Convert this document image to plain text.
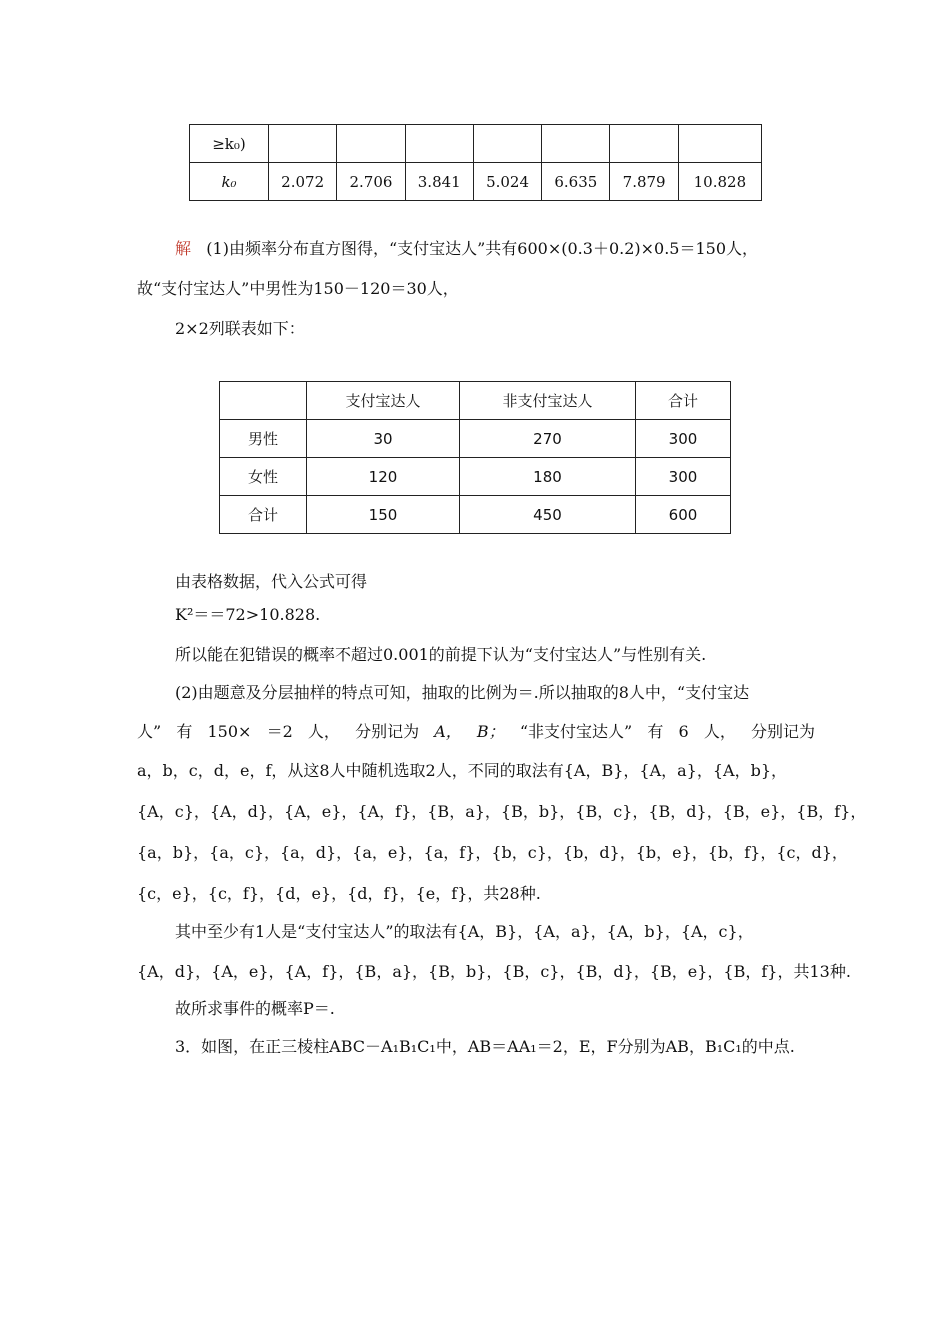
≥k₀)							
k₀	2.072	2.706	3.841	5.024	6.635	7.879	10.828
解 (1)由频率分布直方图得，“支付宝达人”共有600×(0.3＋0.2)×0.5＝150人，
故“支付宝达人”中男性为150－120＝30人，
2×2列联表如下：
	支付宝达人	非支付宝达人	合计
男性	30	270	300
女性	120	180	300
合计	150	450	600
由表格数据，代入公式可得
K²＝＝72>10.828.
所以能在犯错误的概率不超过0.001的前提下认为“支付宝达人”与性别有关.
(2)由题意及分层抽样的特点可知，抽取的比例为＝.所以抽取的8人中，“支付宝达
人” 有 150× ＝2 人， 分别记为 A， B； “非支付宝达人” 有 6 人， 分别记为
a，b，c，d，e，f，从这8人中随机选取2人，不同的取法有{A，B}，{A，a}，{A，b}，
{A，c}，{A，d}，{A，e}，{A，f}，{B，a}，{B，b}，{B，c}，{B，d}，{B，e}，{B，f}，
{a，b}，{a，c}，{a，d}，{a，e}，{a，f}，{b，c}，{b，d}，{b，e}，{b，f}，{c，d}，
{c，e}，{c，f}，{d，e}，{d，f}，{e，f}，共28种.
其中至少有1人是“支付宝达人”的取法有{A，B}，{A，a}，{A，b}，{A，c}，
{A，d}，{A，e}，{A，f}，{B，a}，{B，b}，{B，c}，{B，d}，{B，e}，{B，f}，共13种.
故所求事件的概率P＝.
3．如图，在正三棱柱ABC－A₁B₁C₁中，AB＝AA₁＝2，E，F分别为AB，B₁C₁的中点.
